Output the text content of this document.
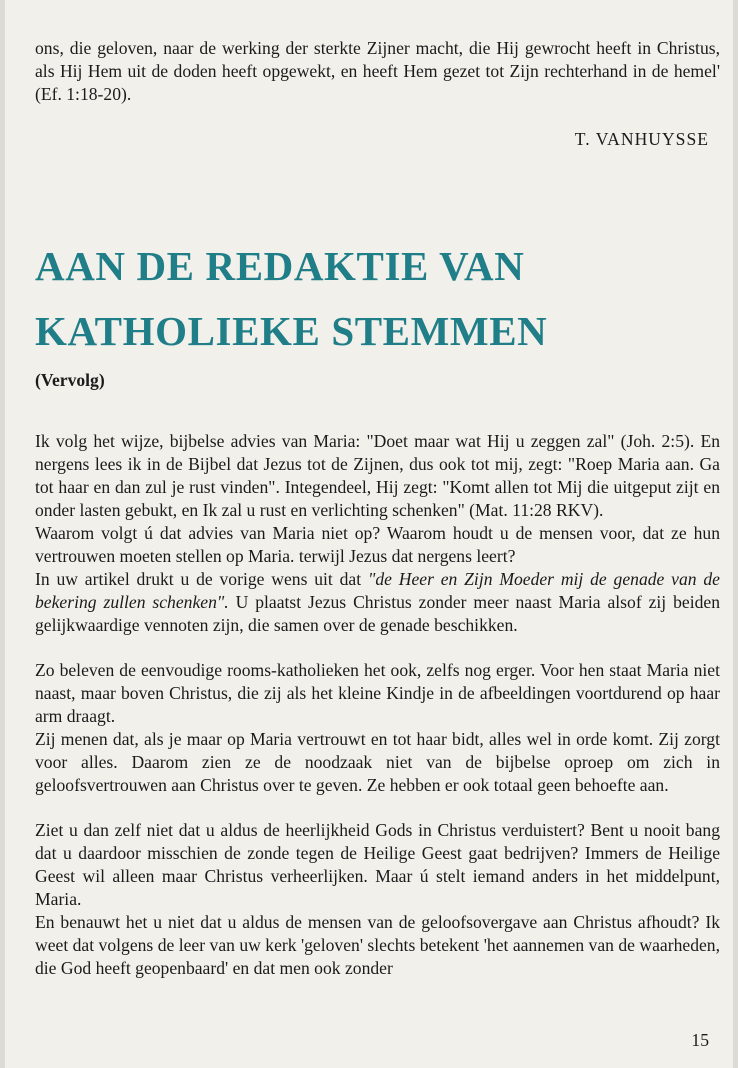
ons, die geloven, naar de werking der sterkte Zijner macht, die Hij gewrocht heeft in Christus, als Hij Hem uit de doden heeft opgewekt, en heeft Hem gezet tot Zijn rechterhand in de hemel' (Ef. 1:18-20).

T. VANHUYSSE
AAN DE REDAKTIE VAN
KATHOLIEKE STEMMEN
(Vervolg)

Ik volg het wijze, bijbelse advies van Maria: "Doet maar wat Hij u zeggen zal" (Joh. 2:5). En nergens lees ik in de Bijbel dat Jezus tot de Zijnen, dus ook tot mij, zegt: "Roep Maria aan. Ga tot haar en dan zul je rust vinden". Integendeel, Hij zegt: "Komt allen tot Mij die uitgeput zijt en onder lasten gebukt, en Ik zal u rust en verlichting schenken" (Mat. 11:28 RKV).

Waarom volgt ú dat advies van Maria niet op? Waarom houdt u de mensen voor, dat ze hun vertrouwen moeten stellen op Maria. terwijl Jezus dat nergens leert?

In uw artikel drukt u de vorige wens uit dat "de Heer en Zijn Moeder mij de genade van de bekering zullen schenken". U plaatst Jezus Christus zonder meer naast Maria alsof zij beiden gelijkwaardige vennoten zijn, die samen over de genade beschikken.

Zo beleven de eenvoudige rooms-katholieken het ook, zelfs nog erger. Voor hen staat Maria niet naast, maar boven Christus, die zij als het kleine Kindje in de afbeeldingen voortdurend op haar arm draagt.

Zij menen dat, als je maar op Maria vertrouwt en tot haar bidt, alles wel in orde komt. Zij zorgt voor alles. Daarom zien ze de noodzaak niet van de bijbelse oproep om zich in geloofsvertrouwen aan Christus over te geven. Ze hebben er ook totaal geen behoefte aan.

Ziet u dan zelf niet dat u aldus de heerlijkheid Gods in Christus verduistert? Bent u nooit bang dat u daardoor misschien de zonde tegen de Heilige Geest gaat bedrijven? Immers de Heilige Geest wil alleen maar Christus verheerlijken. Maar ú stelt iemand anders in het middelpunt, Maria.

En benauwt het u niet dat u aldus de mensen van de geloofsovergave aan Christus afhoudt? Ik weet dat volgens de leer van uw kerk 'geloven' slechts betekent 'het aannemen van de waarheden, die God heeft geopenbaard' en dat men ook zonder

15
